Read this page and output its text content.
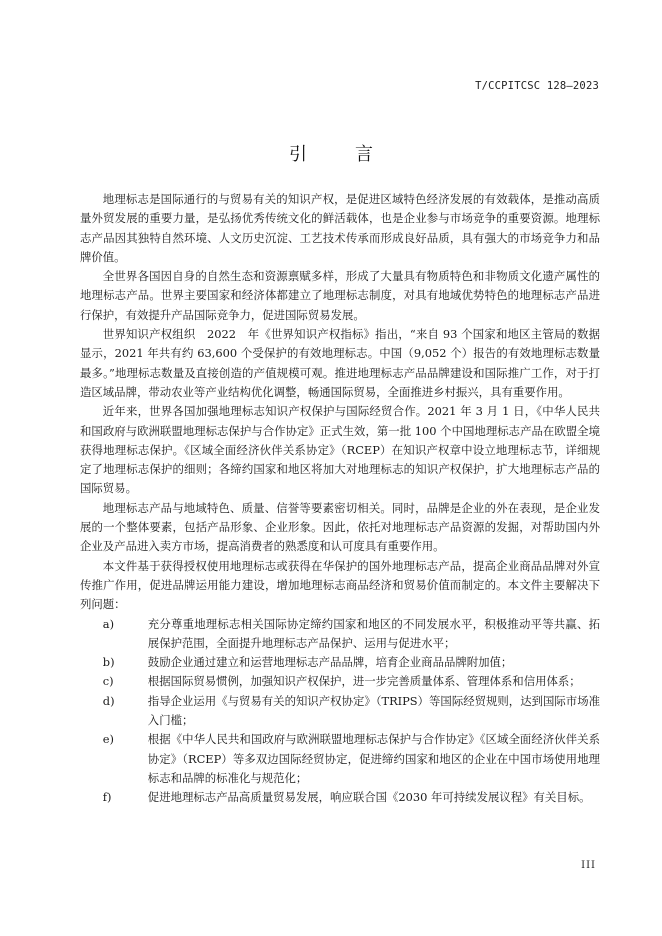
T/CCPITCSC 128—2023
引言

地理标志是国际通行的与贸易有关的知识产权，是促进区域特色经济发展的有效载体，是推动高质量外贸发展的重要力量，是弘扬优秀传统文化的鲜活载体，也是企业参与市场竞争的重要资源。地理标志产品因其独特自然环境、人文历史沉淀、工艺技术传承而形成良好品质，具有强大的市场竞争力和品牌价值。

全世界各国因自身的自然生态和资源禀赋多样，形成了大量具有物质特色和非物质文化遗产属性的地理标志产品。世界主要国家和经济体都建立了地理标志制度，对具有地域优势特色的地理标志产品进行保护，有效提升产品国际竞争力，促进国际贸易发展。

世界知识产权组织　2022　年《世界知识产权指标》指出，“来自 93 个国家和地区主管局的数据显示，2021 年共有约 63,600 个受保护的有效地理标志。中国（9,052 个）报告的有效地理标志数量最多。”地理标志数量及直接创造的产值规模可观。推进地理标志产品品牌建设和国际推广工作，对于打造区域品牌，带动农业等产业结构优化调整，畅通国际贸易，全面推进乡村振兴，具有重要作用。

近年来，世界各国加强地理标志知识产权保护与国际经贸合作。2021 年 3 月 1 日，《中华人民共和国政府与欧洲联盟地理标志保护与合作协定》正式生效，第一批 100 个中国地理标志产品在欧盟全境获得地理标志保护。《区域全面经济伙伴关系协定》（RCEP）在知识产权章中设立地理标志节，详细规定了地理标志保护的细则；各缔约国家和地区将加大对地理标志的知识产权保护，扩大地理标志产品的国际贸易。

地理标志产品与地域特色、质量、信誉等要素密切相关。同时，品牌是企业的外在表现，是企业发展的一个整体要素，包括产品形象、企业形象。因此，依托对地理标志产品资源的发掘，对帮助国内外企业及产品进入卖方市场，提高消费者的熟悉度和认可度具有重要作用。

本文件基于获得授权使用地理标志或获得在华保护的国外地理标志产品，提高企业商品品牌对外宣传推广作用，促进品牌运用能力建设，增加地理标志商品经济和贸易价值而制定的。本文件主要解决下列问题：

a)	充分尊重地理标志相关国际协定缔约国家和地区的不同发展水平，积极推动平等共赢、拓展保护范围，全面提升地理标志产品保护、运用与促进水平；
b)	鼓励企业通过建立和运营地理标志产品品牌，培育企业商品品牌附加值；
c)	根据国际贸易惯例，加强知识产权保护，进一步完善质量体系、管理体系和信用体系；
d)	指导企业运用《与贸易有关的知识产权协定》（TRIPS）等国际经贸规则，达到国际市场准入门槛；
e)	根据《中华人民共和国政府与欧洲联盟地理标志保护与合作协定》《区域全面经济伙伴关系协定》（RCEP）等多双边国际经贸协定，促进缔约国家和地区的企业在中国市场使用地理标志和品牌的标准化与规范化；
f)	促进地理标志产品高质量贸易发展，响应联合国《2030 年可持续发展议程》有关目标。
III
